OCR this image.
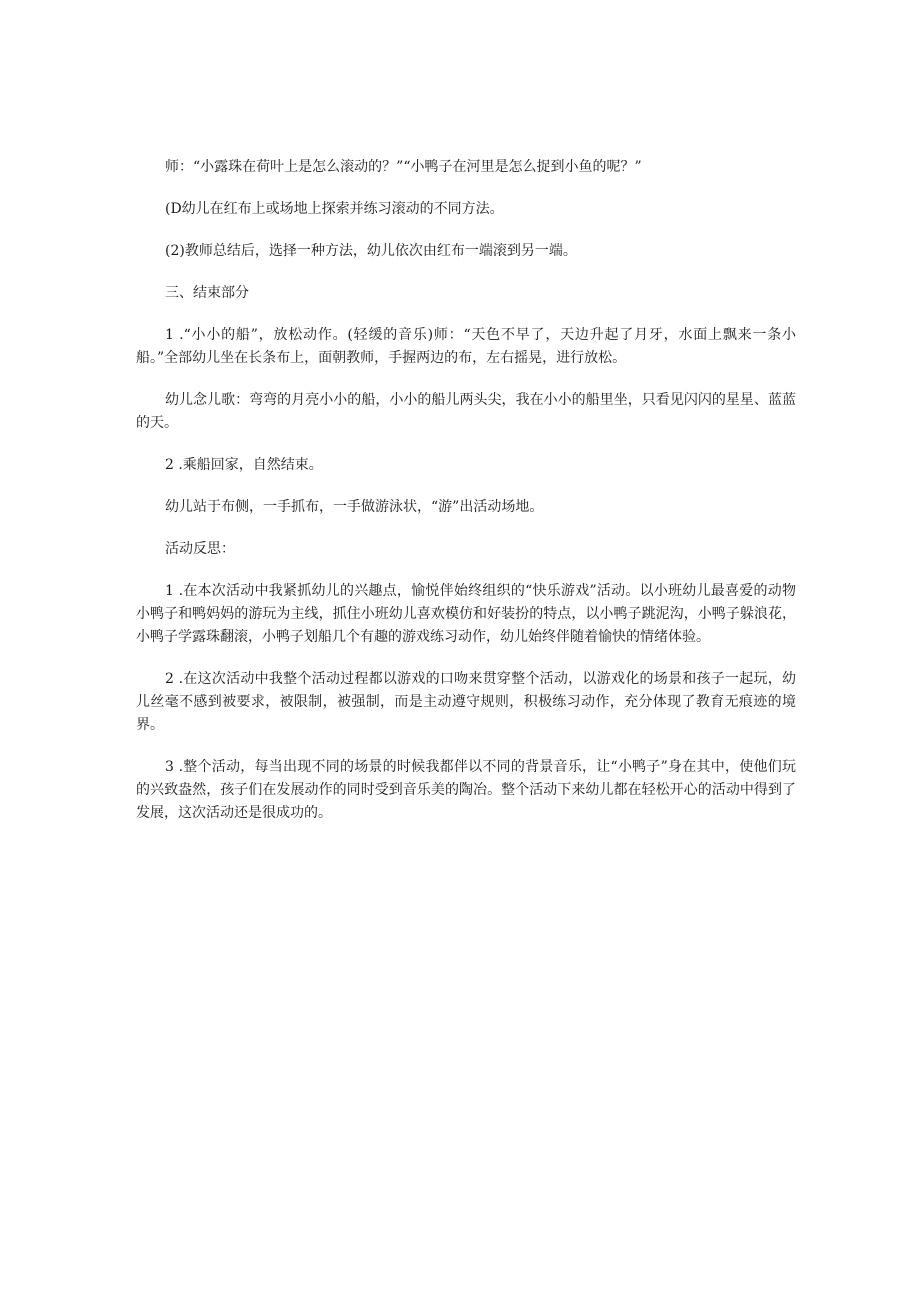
师：“小露珠在荷叶上是怎么滚动的？”“小鸭子在河里是怎么捉到小鱼的呢？”

(D幼儿在红布上或场地上探索并练习滚动的不同方法。

(2)教师总结后，选择一种方法，幼儿依次由红布一端滚到另一端。

三、结束部分

1 .“小小的船”，放松动作。(轻缓的音乐)师：“天色不早了，天边升起了月牙，水面上飘来一条小船。”全部幼儿坐在长条布上，面朝教师，手握两边的布，左右摇晃，进行放松。

幼儿念儿歌：弯弯的月亮小小的船，小小的船儿两头尖，我在小小的船里坐，只看见闪闪的星星、蓝蓝的天。

2 .乘船回家，自然结束。

幼儿站于布侧，一手抓布，一手做游泳状，“游”出活动场地。

活动反思：

1 .在本次活动中我紧抓幼儿的兴趣点，愉悦伴始终组织的“快乐游戏”活动。以小班幼儿最喜爱的动物小鸭子和鸭妈妈的游玩为主线，抓住小班幼儿喜欢模仿和好装扮的特点，以小鸭子跳泥沟，小鸭子躲浪花，小鸭子学露珠翻滚，小鸭子划船几个有趣的游戏练习动作，幼儿始终伴随着愉快的情绪体验。

2 .在这次活动中我整个活动过程都以游戏的口吻来贯穿整个活动，以游戏化的场景和孩子一起玩，幼儿丝毫不感到被要求，被限制，被强制，而是主动遵守规则，积极练习动作，充分体现了教育无痕迹的境界。

3 .整个活动，每当出现不同的场景的时候我都伴以不同的背景音乐，让“小鸭子”身在其中，使他们玩的兴致盎然，孩子们在发展动作的同时受到音乐美的陶冶。整个活动下来幼儿都在轻松开心的活动中得到了发展，这次活动还是很成功的。
